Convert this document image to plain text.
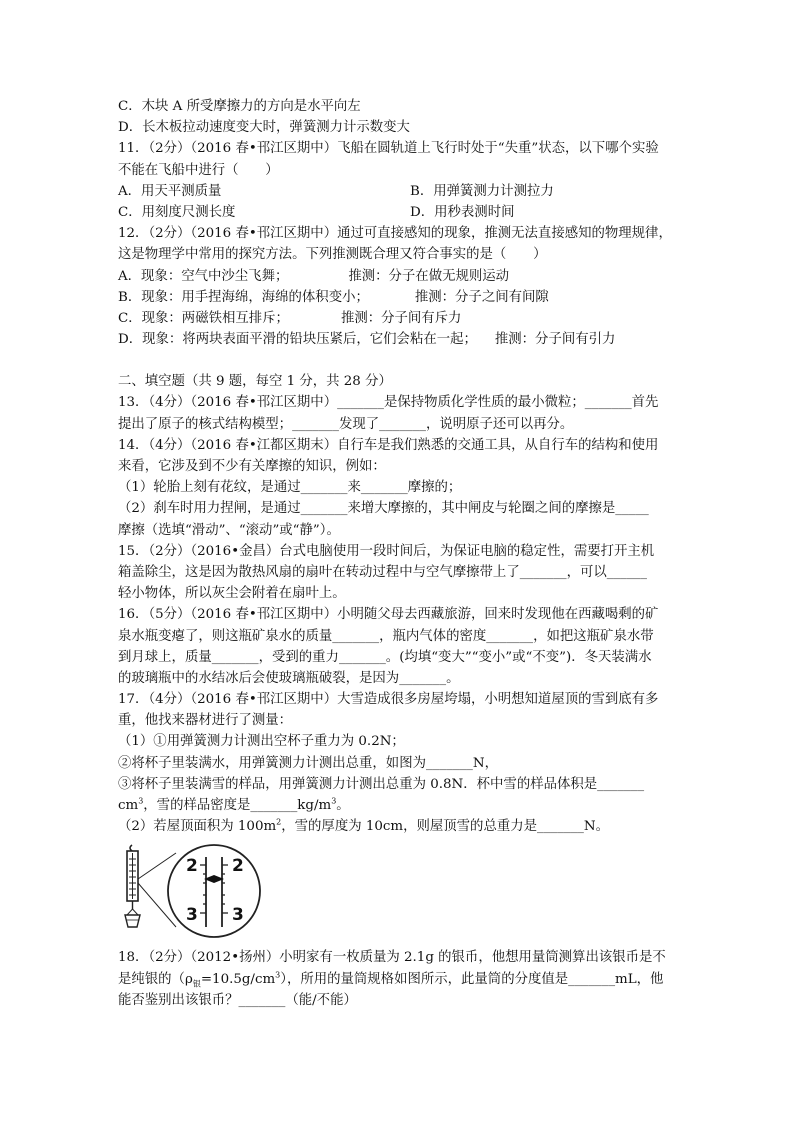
C．木块 A 所受摩擦力的方向是水平向左
D．长木板拉动速度变大时，弹簧测力计示数变大
11．（2分）（2016 春•邗江区期中）飞船在圆轨道上飞行时处于“失重”状态，以下哪个实验
不能在飞船中进行（　　）
A．用天平测质量	B．用弹簧测力计测拉力
C．用刻度尺测长度	D．用秒表测时间
12．（2分）（2016 春•邗江区期中）通过可直接感知的现象，推测无法直接感知的物理规律，
这是物理学中常用的探究方法。下列推测既合理又符合事实的是（　　）
A．现象：空气中沙尘飞舞；	推测：分子在做无规则运动
B．现象：用手捏海绵，海绵的体积变小；	推测：分子之间有间隙
C．现象：两磁铁相互排斥；	推测：分子间有斥力
D．现象：将两块表面平滑的铅块压紧后，它们会粘在一起； 推测：分子间有引力
二、填空题（共 9 题，每空 1 分，共 28 分）
13．（4分）（2016 春•邗江区期中）_______是保持物质化学性质的最小微粒；_______首先
提出了原子的核式结构模型；_______发现了_______，说明原子还可以再分。
14．（4分）（2016 春•江都区期末）自行车是我们熟悉的交通工具，从自行车的结构和使用
来看，它涉及到不少有关摩擦的知识，例如：
（1）轮胎上刻有花纹，是通过_______来_______摩擦的；
（2）刹车时用力捏闸，是通过_______来增大摩擦的，其中闸皮与轮圈之间的摩擦是_____
摩擦（选填“滑动”、“滚动”或“静”）。
15．（2分）（2016•金昌）台式电脑使用一段时间后，为保证电脑的稳定性，需要打开主机
箱盖除尘，这是因为散热风扇的扇叶在转动过程中与空气摩擦带上了_______，可以______
轻小物体，所以灰尘会附着在扇叶上。
16．（5分）（2016 春•邗江区期中）小明随父母去西藏旅游，回来时发现他在西藏喝剩的矿
泉水瓶变瘪了，则这瓶矿泉水的质量_______，瓶内气体的密度_______，如把这瓶矿泉水带
到月球上，质量_______，受到的重力_______。(均填“变大”“变小”或“不变”)．冬天装满水
的玻璃瓶中的水结冰后会使玻璃瓶破裂，是因为_______。
17．（4分）（2016 春•邗江区期中）大雪造成很多房屋垮塌，小明想知道屋顶的雪到底有多
重，他找来器材进行了测量：
（1）①用弹簧测力计测出空杯子重力为 0.2N；
②将杯子里装满水，用弹簧测力计测出总重，如图为_______N，
③将杯子里装满雪的样品，用弹簧测力计测出总重为 0.8N．杯中雪的样品体积是_______
$cm^3$，雪的样品密度是$\_\_\_\_\_\_\_kg/m^3$。
（2）若屋顶面积为 $100m^2$，雪的厚度为 10cm，则屋顶雪的总重力是_______N。
2 2
3 3
18．（2分）（2012•扬州）小明家有一枚质量为 2.1g 的银币，他想用量筒测算出该银币是不
是纯银的$(\rho_银=10.5g/cm^3)$，所用的量筒规格如图所示，此量筒的分度值是_______mL，他
能否鉴别出该银币？_______（能/不能）
